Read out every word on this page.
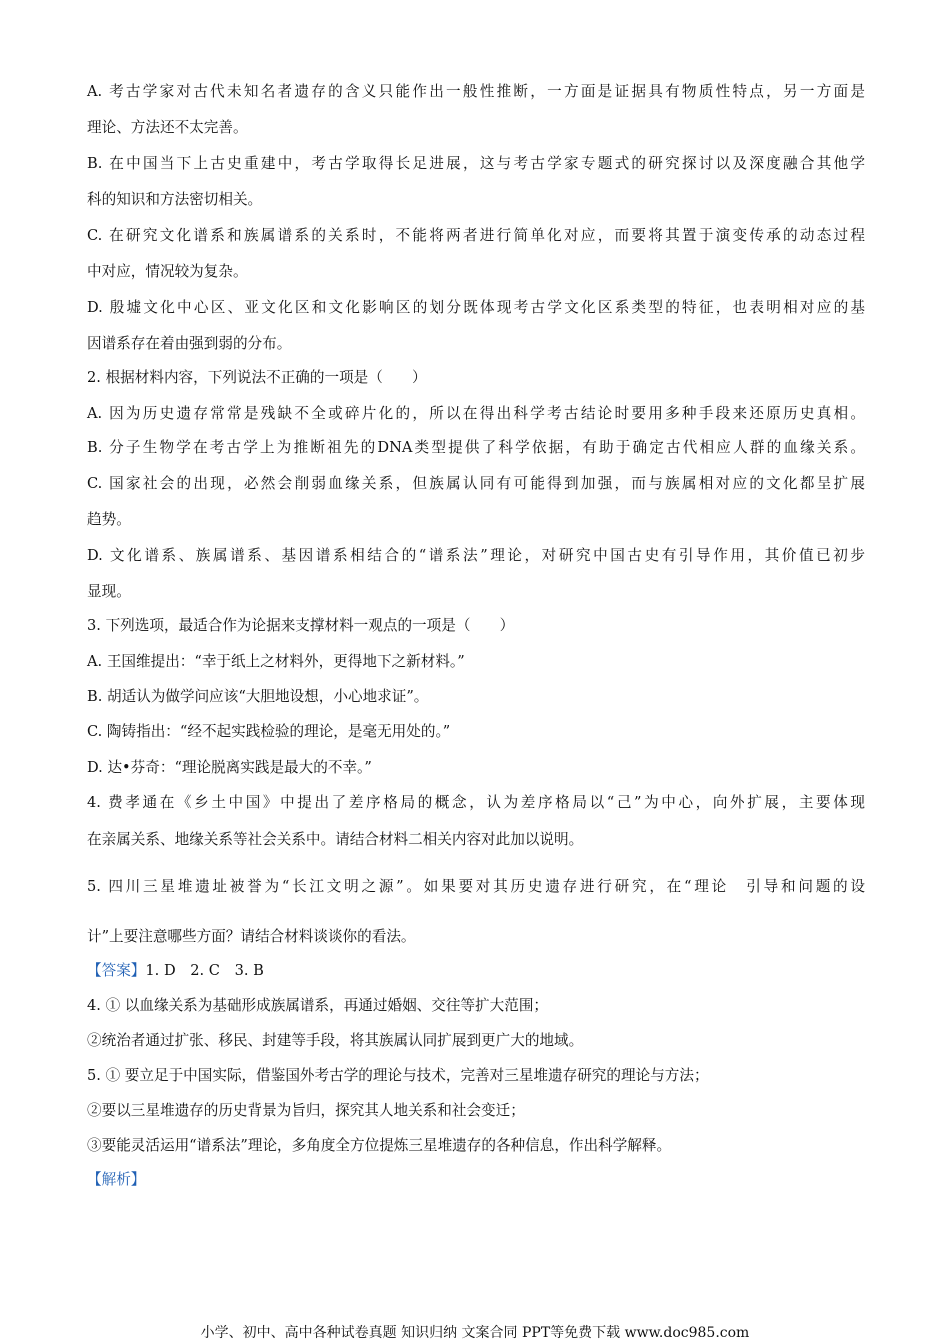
A. 考古学家对古代未知名者遗存的含义只能作出一般性推断，一方面是证据具有物质性特点，另一方面是
理论、方法还不太完善。
B. 在中国当下上古史重建中，考古学取得长足进展，这与考古学家专题式的研究探讨以及深度融合其他学
科的知识和方法密切相关。
C. 在研究文化谱系和族属谱系的关系时，不能将两者进行简单化对应，而要将其置于演变传承的动态过程
中对应，情况较为复杂。
D. 殷墟文化中心区、亚文化区和文化影响区的划分既体现考古学文化区系类型的特征，也表明相对应的基
因谱系存在着由强到弱的分布。
2. 根据材料内容，下列说法不正确的一项是（　　）
A. 因为历史遗存常常是残缺不全或碎片化的，所以在得出科学考古结论时要用多种手段来还原历史真相。
B. 分子生物学在考古学上为推断祖先的DNA类型提供了科学依据，有助于确定古代相应人群的血缘关系。
C. 国家社会的出现，必然会削弱血缘关系，但族属认同有可能得到加强，而与族属相对应的文化都呈扩展
趋势。
D. 文化谱系、族属谱系、基因谱系相结合的“谱系法”理论，对研究中国古史有引导作用，其价值已初步
显现。
3. 下列选项，最适合作为论据来支撑材料一观点的一项是（　　）
A. 王国维提出：“幸于纸上之材料外，更得地下之新材料。”
B. 胡适认为做学问应该“大胆地设想，小心地求证”。
C. 陶铸指出：“经不起实践检验的理论，是毫无用处的。”
D. 达•芬奇：“理论脱离实践是最大的不幸。”
4. 费孝通在《乡土中国》中提出了差序格局的概念，认为差序格局以“己”为中心，向外扩展，主要体现
在亲属关系、地缘关系等社会关系中。请结合材料二相关内容对此加以说明。
5. 四川三星堆遗址被誉为“长江文明之源”。如果要对其历史遗存进行研究，在“理论　引导和问题的设
计”上要注意哪些方面？请结合材料谈谈你的看法。
【答案】1. D　2. C　3. B
4. ① 以血缘关系为基础形成族属谱系，再通过婚姻、交往等扩大范围；
②统治者通过扩张、移民、封建等手段，将其族属认同扩展到更广大的地域。
5. ① 要立足于中国实际，借鉴国外考古学的理论与技术，完善对三星堆遗存研究的理论与方法；
②要以三星堆遗存的历史背景为旨归，探究其人地关系和社会变迁；
③要能灵活运用“谱系法”理论，多角度全方位提炼三星堆遗存的各种信息，作出科学解释。
【解析】
小学、初中、高中各种试卷真题 知识归纳 文案合同 PPT等免费下载 www.doc985.com
